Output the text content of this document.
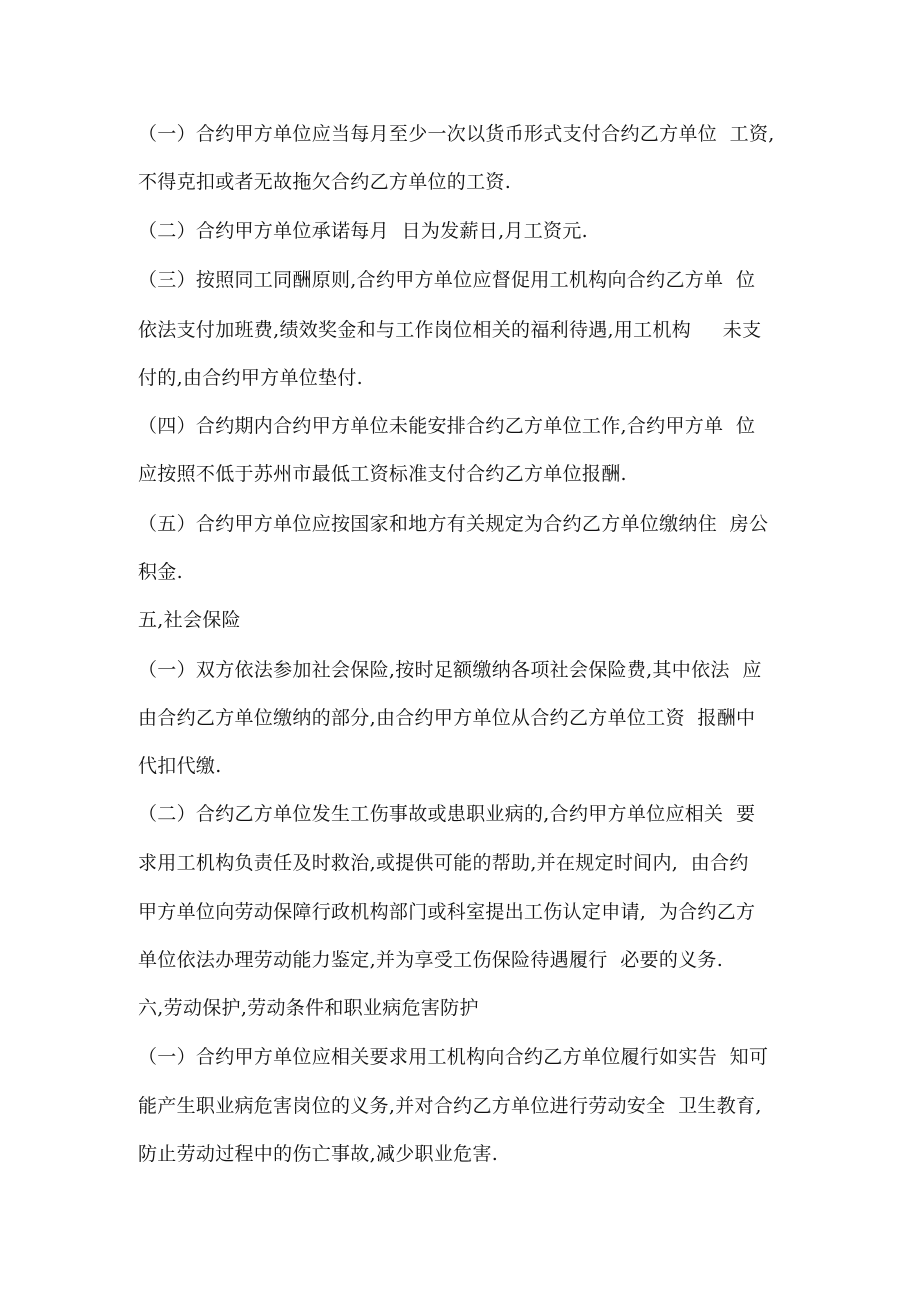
（一）合约甲方单位应当每月至少一次以货币形式支付合约乙方单位  工资,
不得克扣或者无故拖欠合约乙方单位的工资.
（二）合约甲方单位承诺每月  日为发薪日,月工资元.
（三）按照同工同酬原则,合约甲方单位应督促用工机构向合约乙方单  位
依法支付加班费,绩效奖金和与工作岗位相关的福利待遇,用工机构     未支
付的,由合约甲方单位垫付.
（四）合约期内合约甲方单位未能安排合约乙方单位工作,合约甲方单  位
应按照不低于苏州市最低工资标准支付合约乙方单位报酬.
（五）合约甲方单位应按国家和地方有关规定为合约乙方单位缴纳住  房公
积金.
五,社会保险
（一）双方依法参加社会保险,按时足额缴纳各项社会保险费,其中依法  应
由合约乙方单位缴纳的部分,由合约甲方单位从合约乙方单位工资  报酬中
代扣代缴.
（二）合约乙方单位发生工伤事故或患职业病的,合约甲方单位应相关  要
求用工机构负责任及时救治,或提供可能的帮助,并在规定时间内,  由合约
甲方单位向劳动保障行政机构部门或科室提出工伤认定申请,  为合约乙方
单位依法办理劳动能力鉴定,并为享受工伤保险待遇履行  必要的义务.
六,劳动保护,劳动条件和职业病危害防护
（一）合约甲方单位应相关要求用工机构向合约乙方单位履行如实告  知可
能产生职业病危害岗位的义务,并对合约乙方单位进行劳动安全  卫生教育,
防止劳动过程中的伤亡事故,减少职业危害.
